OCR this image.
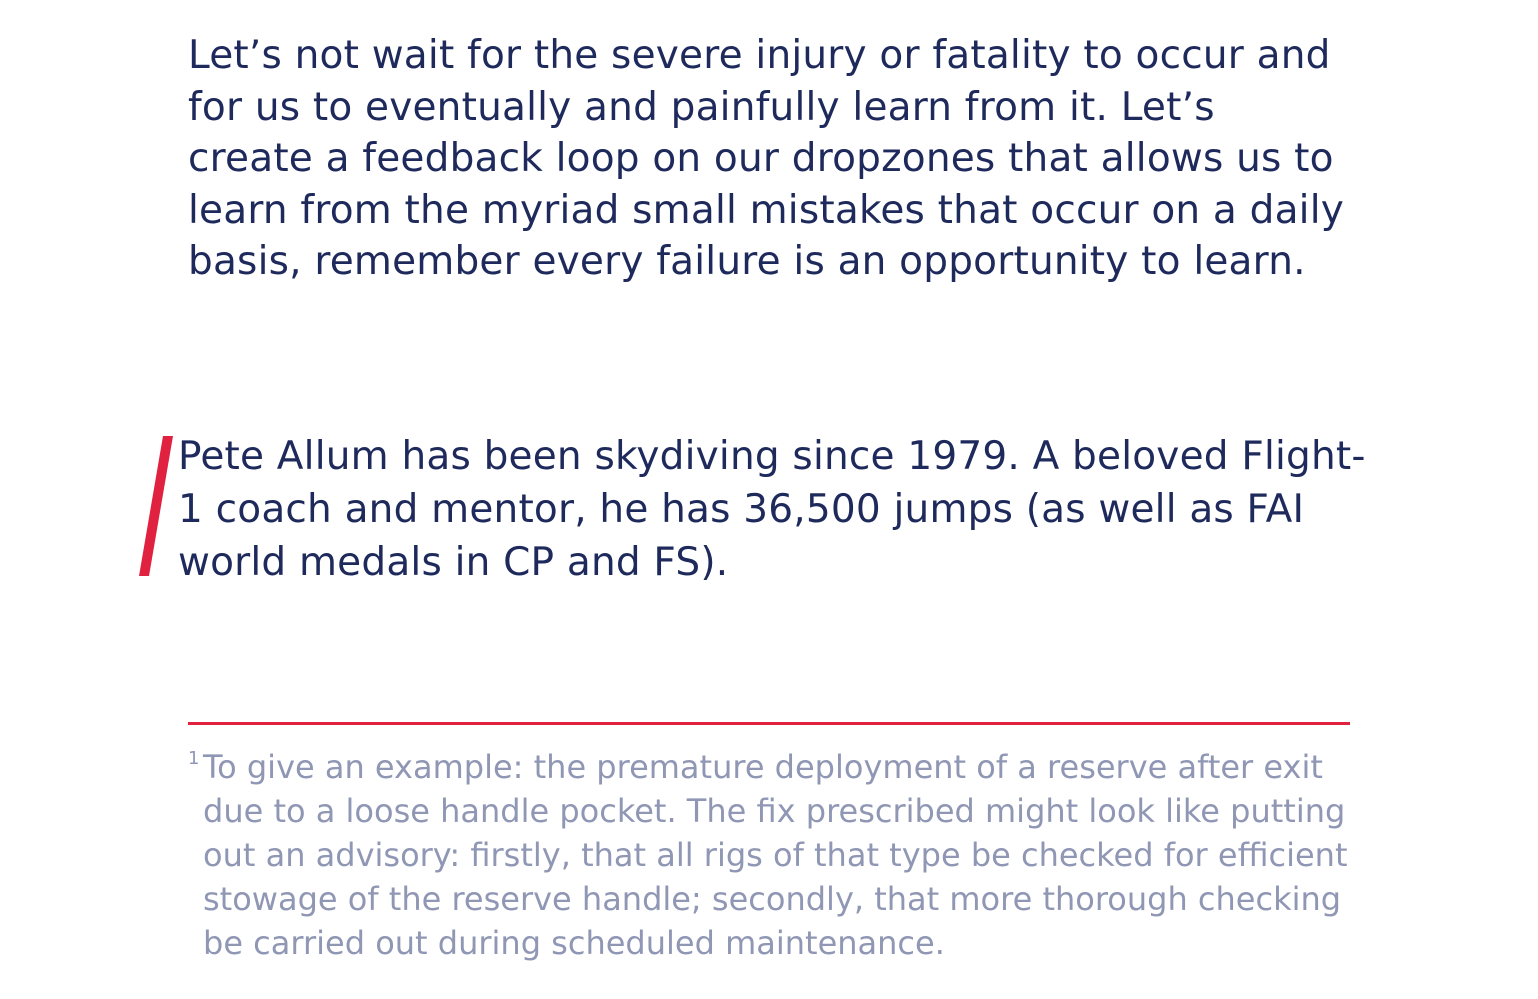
Let’s not wait for the severe injury or fatality to occur and for us to eventually and painfully learn from it. Let’s create a feedback loop on our dropzones that allows us to learn from the myriad small mistakes that occur on a daily basis, remember every failure is an opportunity to learn.

Pete Allum has been skydiving since 1979. A beloved Flight-1 coach and mentor, he has 36,500 jumps (as well as FAI world medals in CP and FS).

1 To give an example: the premature deployment of a reserve after exit due to a loose handle pocket. The fix prescribed might look like putting out an advisory: firstly, that all rigs of that type be checked for efficient stowage of the reserve handle; secondly, that more thorough checking be carried out during scheduled maintenance.
